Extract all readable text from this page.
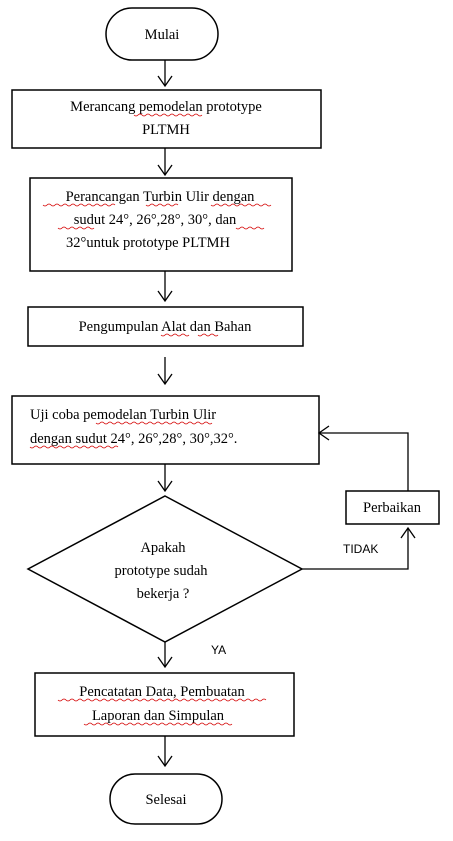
Mulai
Merancang pemodelan prototype
PLTMH
Perancangan Turbin Ulir dengan
sudut 24°, 26°,28°, 30°, dan
32°untuk prototype PLTMH
Pengumpulan Alat dan Bahan
Uji coba pemodelan Turbin Ulir
dengan sudut 24°, 26°,28°, 30°,32°.
Apakah
prototype sudah
bekerja ?
TIDAK
Perbaikan
YA
Pencatatan Data, Pembuatan
Laporan dan Simpulan
Selesai
